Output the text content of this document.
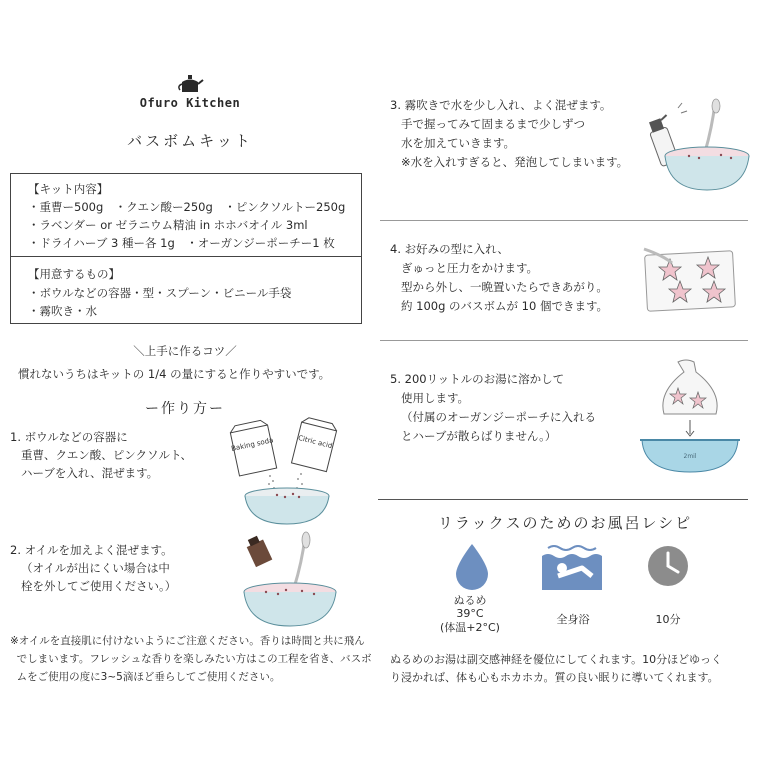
Ofuro Kitchen
バスボムキット
【キット内容】
・重曹ー500g　・クエン酸ー250g　・ピンクソルトー250g
・ラベンダー or ゼラニウム精油 in ホホバオイル 3ml
・ドライハーブ 3 種ー各 1g　・オーガンジーポーチー1 枚
【用意するもの】
・ボウルなどの容器・型・スプーン・ビニール手袋
・霧吹き・水
＼上手に作るコツ／
慣れないうちはキットの 1/4 の量にすると作りやすいです。
ー作り方ー
1. ボウルなどの容器に
重曹、クエン酸、ピンクソルト、
ハーブを入れ、混ぜます。
Baking soda	Citric acid
2. オイルを加えよく混ぜます。
（オイルが出にくい場合は中
栓を外してご使用ください。）
※オイルを直接肌に付けないようにご注意ください。香りは時間と共に飛ん
でしまいます。フレッシュな香りを楽しみたい方はこの工程を省き、バスボ
ムをご使用の度に3~5滴ほど垂らしてご使用ください。
3. 霧吹きで水を少し入れ、よく混ぜます。
手で握ってみて固まるまで少しずつ
水を加えていきます。
※水を入れすぎると、発泡してしまいます。
4. お好みの型に入れ、
ぎゅっと圧力をかけます。
型から外し、一晩置いたらできあがり。
約 100g のバスボムが 10 個できます。
5. 200リットルのお湯に溶かして
使用します。
（付属のオーガンジーポーチに入れる
とハーブが散らばりません。）
2mil
リラックスのためのお風呂レシピ
ぬるめ
39°C
(体温+2°C)
全身浴	10分
ぬるめのお湯は副交感神経を優位にしてくれます。10分ほどゆっく
り浸かれば、体も心もホカホカ。質の良い眠りに導いてくれます。
